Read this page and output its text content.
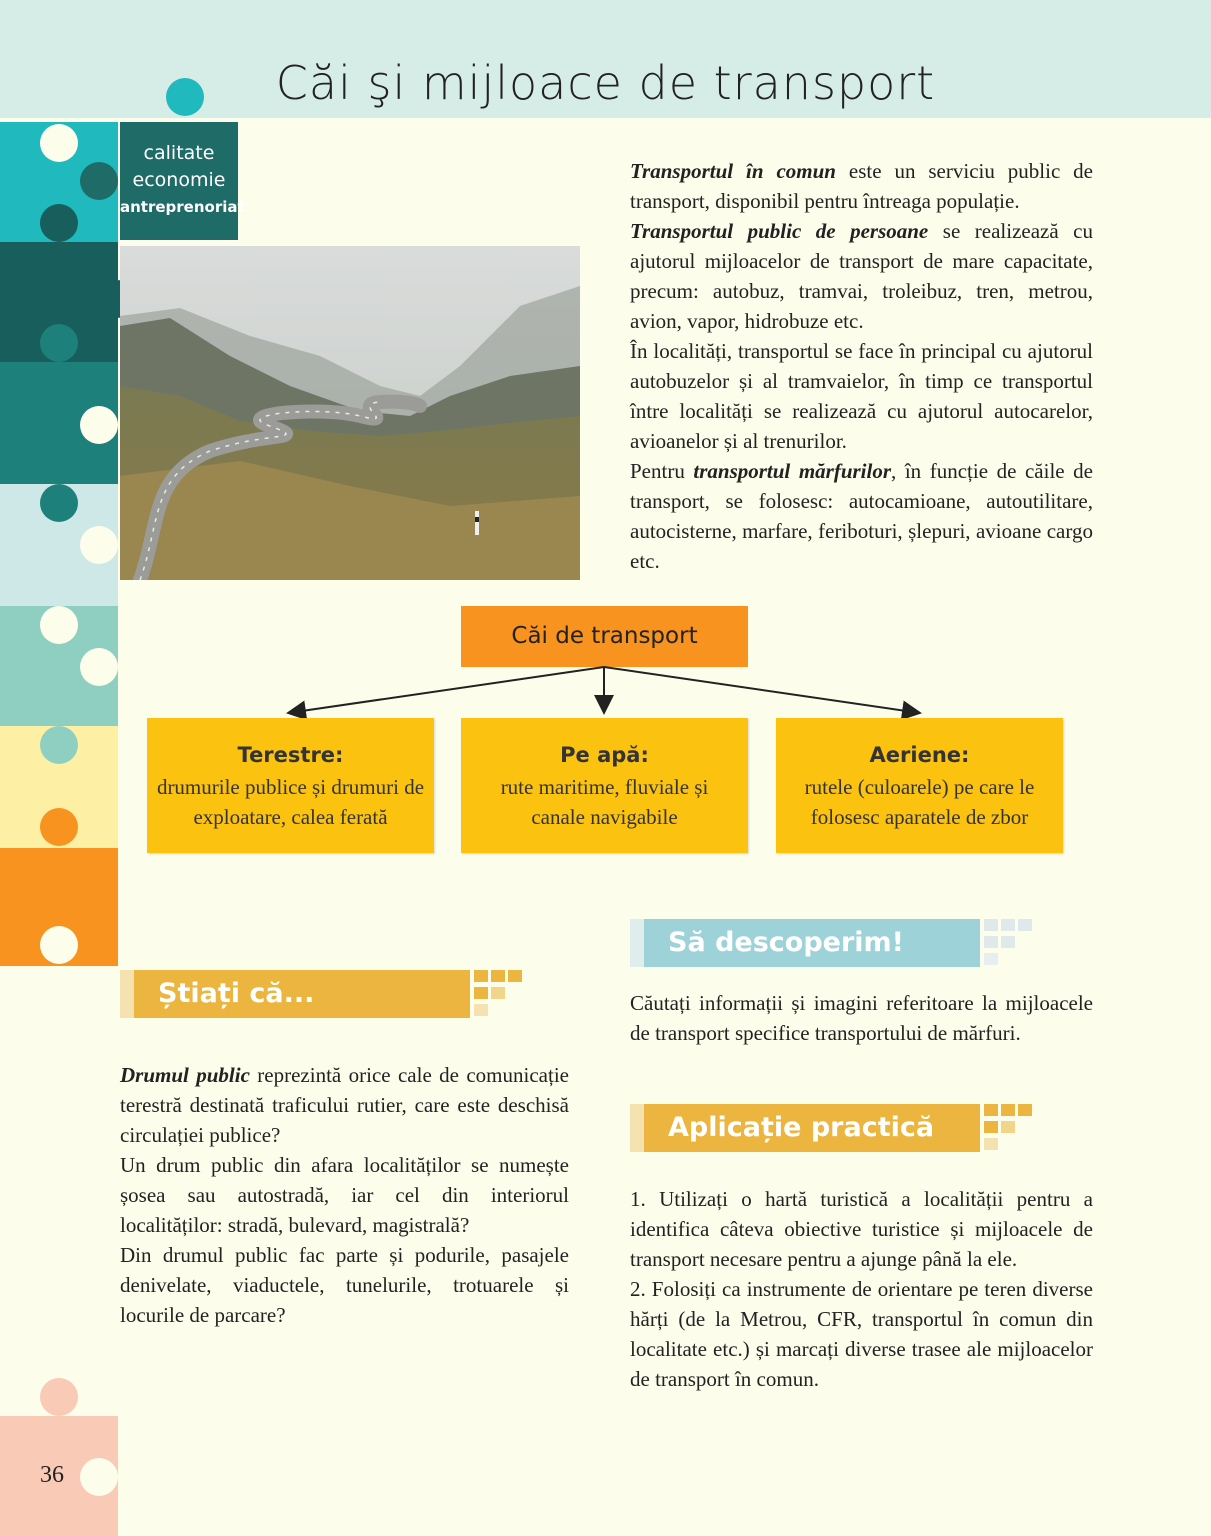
Căi şi mijloace de transport
calitate
economie
antreprenoriat

Transportul în comun este un serviciu public de transport, disponibil pentru întreaga populație.

Transportul public de persoane se realizează cu ajutorul mijloacelor de transport de mare capacitate, precum: autobuz, tramvai, troleibuz, tren, metrou, avion, vapor, hidrobuze etc.

În localități, transportul se face în principal cu ajutorul autobuzelor și al tramvaielor, în timp ce transportul între localități se realizează cu ajutorul autocarelor, avioanelor și al trenurilor.

Pentru transportul mărfurilor, în funcție de căile de transport, se folosesc: autocamioane, autoutilitare, autocisterne, marfare, feriboturi, șlepuri, avioane cargo etc.

Căi de transport
Terestre:
drumurile publice și drumuri de exploatare, calea ferată
Pe apă:
rute maritime, fluviale și canale navigabile
Aeriene:
rutele (culoarele) pe care le folosesc aparatele de zbor
Știați că...

Drumul public reprezintă orice cale de comunicație terestră destinată traficului rutier, care este deschisă circulației publice?

Un drum public din afara localităților se numește șosea sau autostradă, iar cel din interiorul localităților: stradă, bulevard, magistrală?

Din drumul public fac parte și podurile, pasajele denivelate, viaductele, tunelurile, trotuarele și locurile de parcare?

Să descoperim!
Căutați informații și imagini referitoare la mijloacele de transport specifice transportului de mărfuri.
Aplicație practică

1. Utilizați o hartă turistică a localității pentru a identifica câteva obiective turistice și mijloacele de transport necesare pentru a ajunge până la ele.

2. Folosiți ca instrumente de orientare pe teren diverse hărți (de la Metrou, CFR, transportul în comun din localitate etc.) și marcați diverse trasee ale mijloacelor de transport în comun.

36
